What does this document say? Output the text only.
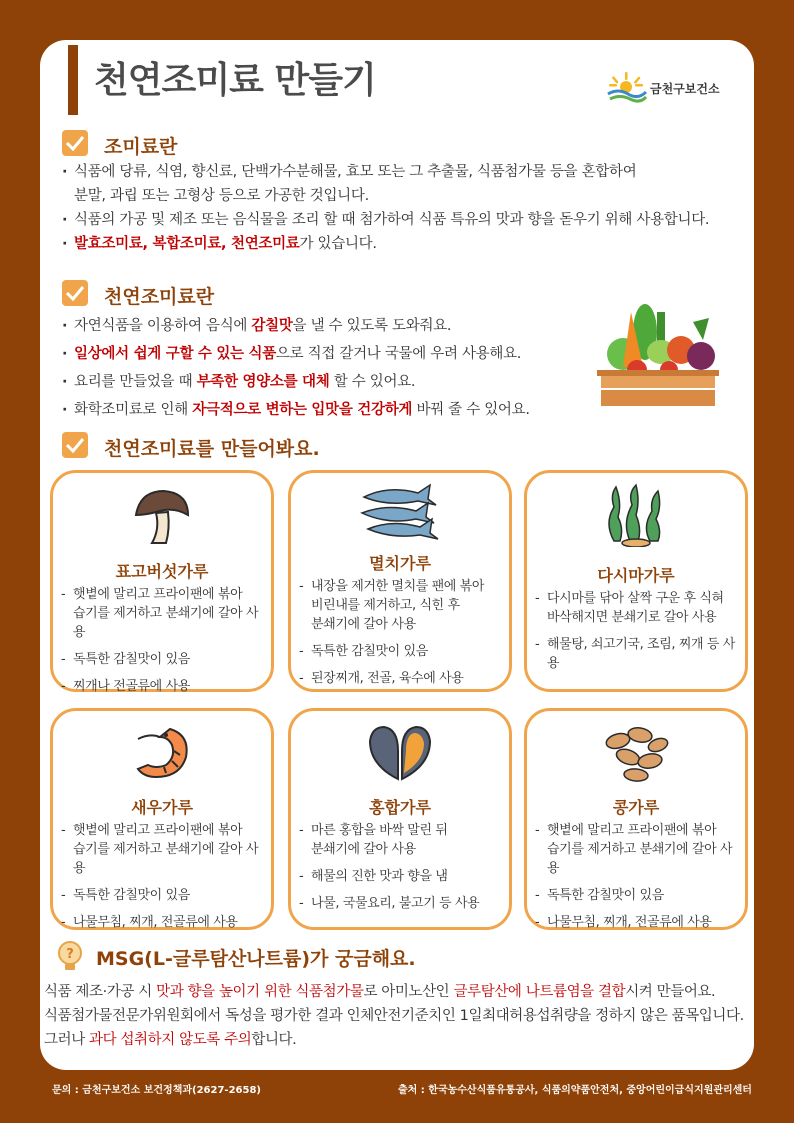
천연조미료 만들기	금천구보건소
조미료란
· 식품에 당류, 식염, 향신료, 단백가수분해물, 효모 또는 그 추출물, 식품첨가물 등을 혼합하여
분말, 과립 또는 고형상 등으로 가공한 것입니다.
· 식품의 가공 및 제조 또는 음식물을 조리 할 때 첨가하여 식품 특유의 맛과 향을 돋우기 위해 사용합니다.
· 발효조미료, 복합조미료, 천연조미료가 있습니다.
천연조미료란
· 자연식품을 이용하여 음식에 감칠맛을 낼 수 있도록 도와줘요.
· 일상에서 쉽게 구할 수 있는 식품으로 직접 갈거나 국물에 우려 사용해요.
· 요리를 만들었을 때 부족한 영양소를 대체 할 수 있어요.
· 화학조미료로 인해 자극적으로 변하는 입맛을 건강하게 바꿔 줄 수 있어요.
천연조미료를 만들어봐요.
표고버섯가루
- 햇볕에 말리고 프라이팬에 볶아
습기를 제거하고 분쇄기에 갈아 사용
- 독특한 감칠맛이 있음
- 찌개나 전골류에 사용
멸치가루
- 내장을 제거한 멸치를 팬에 볶아
비린내를 제거하고, 식힌 후
분쇄기에 갈아 사용
- 독특한 감칠맛이 있음
- 된장찌개, 전골, 육수에 사용
다시마가루
- 다시마를 닦아 살짝 구운 후 식혀
바삭해지면 분쇄기로 갈아 사용
- 해물탕, 쇠고기국, 조림, 찌개 등 사용
새우가루
- 햇볕에 말리고 프라이팬에 볶아
습기를 제거하고 분쇄기에 갈아 사용
- 독특한 감칠맛이 있음
- 나물무침, 찌개, 전골류에 사용
홍합가루
- 마른 홍합을 바싹 말린 뒤
분쇄기에 갈아 사용
- 해물의 진한 맛과 향을 냄
- 나물, 국물요리, 불고기 등 사용
콩가루
- 햇볕에 말리고 프라이팬에 볶아
습기를 제거하고 분쇄기에 갈아 사용
- 독특한 감칠맛이 있음
- 나물무침, 찌개, 전골류에 사용
? MSG(L-글루탐산나트륨)가 궁금해요.
식품 제조·가공 시 맛과 향을 높이기 위한 식품첨가물로 아미노산인 글루탐산에 나트륨염을 결합시켜 만들어요.
식품첨가물전문가위원회에서 독성을 평가한 결과 인체안전기준치인 1일최대허용섭취량을 정하지 않은 품목입니다.
그러나 과다 섭취하지 않도록 주의합니다.
문의 : 금천구보건소 보건정책과(2627-2658)	출처 : 한국농수산식품유통공사, 식품의약품안전처, 중앙어린이급식지원관리센터
